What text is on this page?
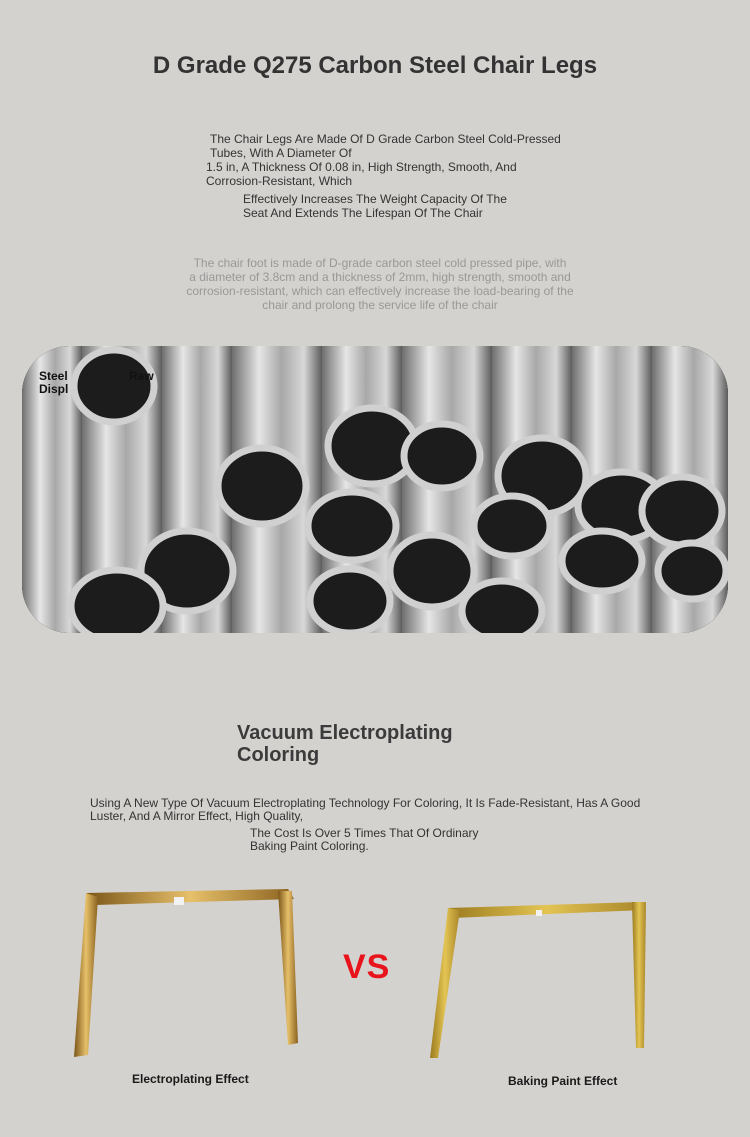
D Grade Q275 Carbon Steel Chair Legs
The Chair Legs Are Made Of D Grade Carbon Steel Cold-Pressed
Tubes, With A Diameter Of
1.5 in, A Thickness Of 0.08 in, High Strength, Smooth, And
Corrosion-Resistant, Which
Effectively Increases The Weight Capacity Of The
Seat And Extends The Lifespan Of The Chair
The chair foot is made of D-grade carbon steel cold pressed pipe, with
a diameter of 3.8cm and a thickness of 2mm, high strength, smooth and
corrosion-resistant, which can effectively increase the load-bearing of the
chair and prolong the service life of the chair
Steel	Raw
Displ
Vacuum Electroplating
Coloring
Using A New Type Of Vacuum Electroplating Technology For Coloring, It Is Fade-Resistant, Has A Good
Luster, And A Mirror Effect, High Quality,
The Cost Is Over 5 Times That Of Ordinary
Baking Paint Coloring.
VS
Electroplating Effect	Baking Paint Effect
